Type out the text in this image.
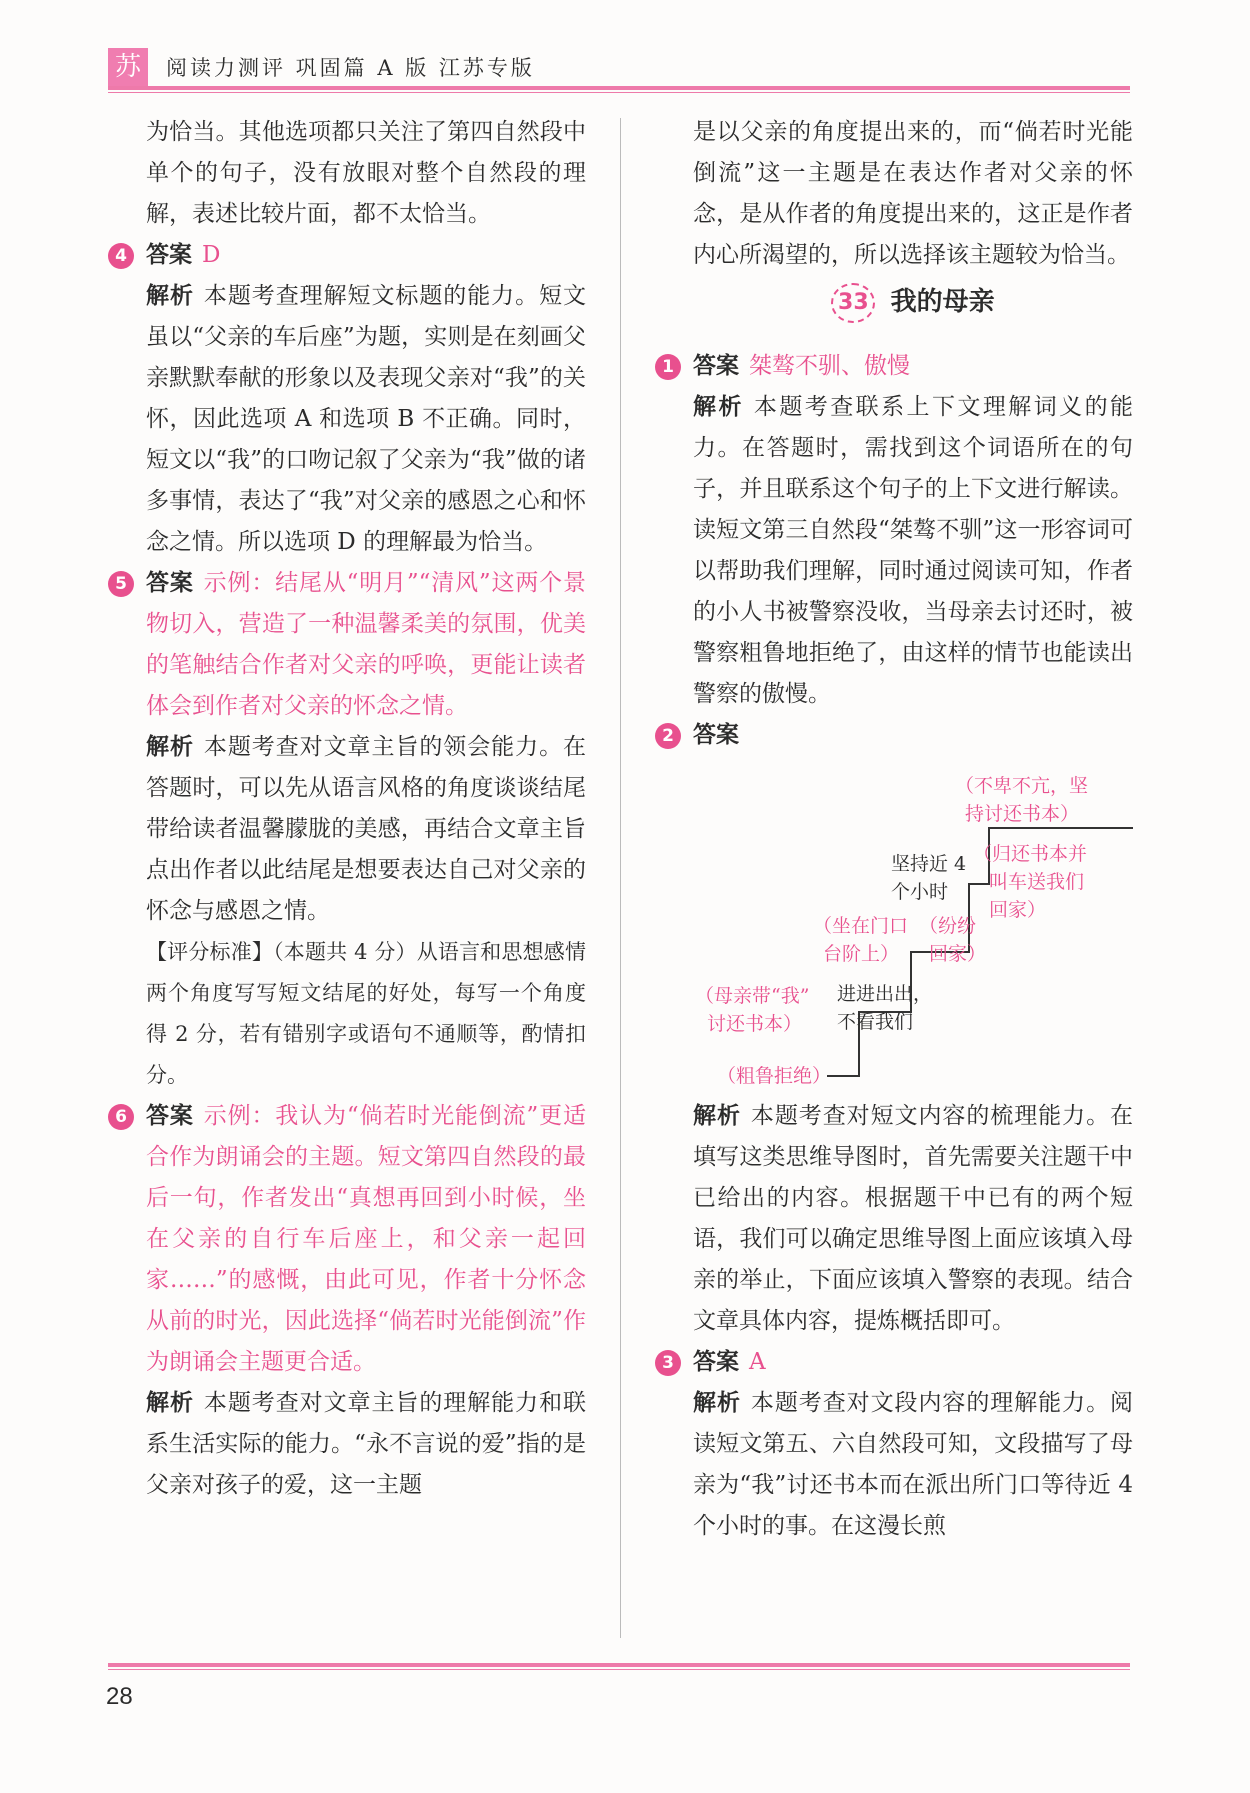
苏	阅读力测评 巩固篇 A 版 江苏专版

为恰当。其他选项都只关注了第四自然段中单个的句子，没有放眼对整个自然段的理解，表述比较片面，都不太恰当。

4 答案 D

解析 本题考查理解短文标题的能力。短文虽以“父亲的车后座”为题，实则是在刻画父亲默默奉献的形象以及表现父亲对“我”的关怀，因此选项 A 和选项 B 不正确。同时，短文以“我”的口吻记叙了父亲为“我”做的诸多事情，表达了“我”对父亲的感恩之心和怀念之情。所以选项 D 的理解最为恰当。

5 答案 示例：结尾从“明月”“清风”这两个景物切入，营造了一种温馨柔美的氛围，优美的笔触结合作者对父亲的呼唤，更能让读者体会到作者对父亲的怀念之情。

解析 本题考查对文章主旨的领会能力。在答题时，可以先从语言风格的角度谈谈结尾带给读者温馨朦胧的美感，再结合文章主旨点出作者以此结尾是想要表达自己对父亲的怀念与感恩之情。

【评分标准】（本题共 4 分）从语言和思想感情两个角度写写短文结尾的好处，每写一个角度得 2 分，若有错别字或语句不通顺等，酌情扣分。

6 答案 示例：我认为“倘若时光能倒流”更适合作为朗诵会的主题。短文第四自然段的最后一句，作者发出“真想再回到小时候，坐在父亲的自行车后座上，和父亲一起回家……”的感慨，由此可见，作者十分怀念从前的时光，因此选择“倘若时光能倒流”作为朗诵会主题更合适。

解析 本题考查对文章主旨的理解能力和联系生活实际的能力。“永不言说的爱”指的是父亲对孩子的爱，这一主题

是以父亲的角度提出来的，而“倘若时光能倒流”这一主题是在表达作者对父亲的怀念，是从作者的角度提出来的，这正是作者内心所渴望的，所以选择该主题较为恰当。

33 我的母亲
1 答案 桀骜不驯、傲慢

解析 本题考查联系上下文理解词义的能力。在答题时，需找到这个词语所在的句子，并且联系这个句子的上下文进行解读。读短文第三自然段“桀骜不驯”这一形容词可以帮助我们理解，同时通过阅读可知，作者的小人书被警察没收，当母亲去讨还时，被警察粗鲁地拒绝了，由这样的情节也能读出警察的傲慢。

2 答案

（不卑不亢，坚
持讨还书本）
坚持近 4
个小时
（归还书本并
叫车送我们
回家）
（坐在门口
台阶上）
（纷纷
回家）
（母亲带“我”
讨还书本）
进进出出，
不看我们
（粗鲁拒绝）

解析 本题考查对短文内容的梳理能力。在填写这类思维导图时，首先需要关注题干中已给出的内容。根据题干中已有的两个短语，我们可以确定思维导图上面应该填入母亲的举止，下面应该填入警察的表现。结合文章具体内容，提炼概括即可。

3 答案 A

解析 本题考查对文段内容的理解能力。阅读短文第五、六自然段可知，文段描写了母亲为“我”讨还书本而在派出所门口等待近 4 个小时的事。在这漫长煎

28
